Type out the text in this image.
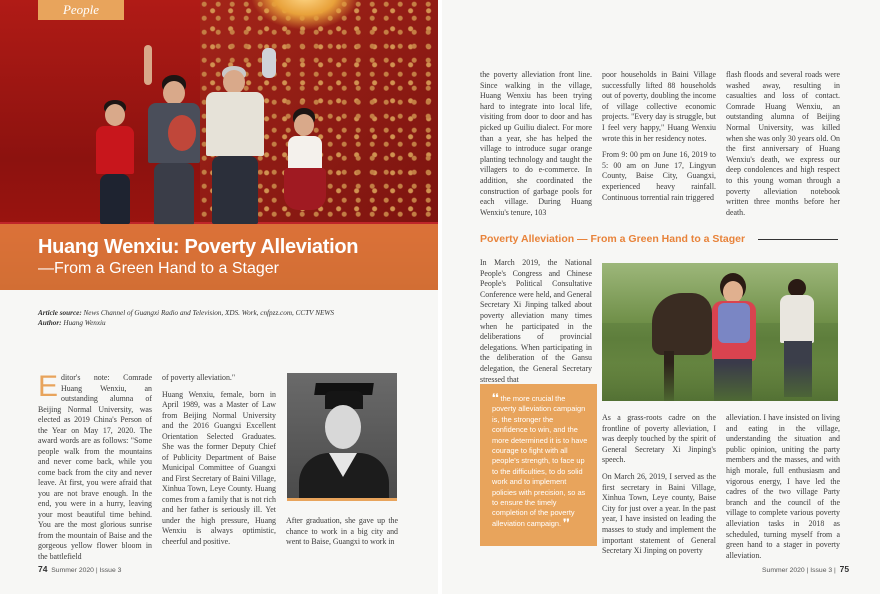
People
Huang Wenxiu: Poverty Alleviation
—From a Green Hand to a Stager
Article source: News Channel of Guangxi Radio and Television, XDS. Work, cnfpzz.com, CCTV NEWS
Author: Huang Wenxiu
Editor's note: Comrade Huang Wenxiu, an outstanding alumna of Beijing Normal University, was elected as 2019 China's Person of the Year on May 17, 2020. The award words are as follows: "Some people walk from the mountains and never come back, while you come back from the city and never leave. At first, you were afraid that you are not brave enough. In the end, you were in a hurry, leaving your most beautiful time behind. You are the most glorious sunrise from the mountain of Baise and the gorgeous yellow flower bloom in the battlefield

of poverty alleviation."

Huang Wenxiu, female, born in April 1989, was a Master of Law from Beijing Normal University and the 2016 Guangxi Excellent Orientation Selected Graduates. She was the former Deputy Chief of Publicity Department of Baise Municipal Committee of Guangxi and First Secretary of Baini Village, Xinhua Town, Leye County. Huang comes from a family that is not rich and her father is seriously ill. Yet under the high pressure, Huang Wenxiu is always optimistic, cheerful and positive.

After graduation, she gave up the chance to work in a big city and went to Baise, Guangxi to work in
74 Summer 2020 | Issue 3
the poverty alleviation front line. Since walking in the village, Huang Wenxiu has been trying hard to integrate into local life, visiting from door to door and has picked up Guiliu dialect. For more than a year, she has helped the village to introduce sugar orange planting technology and taught the villagers to do e-commerce. In addition, she coordinated the construction of garbage pools for each village. During Huang Wenxiu's tenure, 103

poor households in Baini Village successfully lifted 88 households out of poverty, doubling the income of village collective economic projects. "Every day is struggle, but I feel very happy," Huang Wenxiu wrote this in her residency notes.

From 9: 00 pm on June 16, 2019 to 5: 00 am on June 17, Lingyun County, Baise City, Guangxi, experienced heavy rainfall. Continuous torrential rain triggered

flash floods and several roads were washed away, resulting in casualties and loss of contact. Comrade Huang Wenxiu, an outstanding alumna of Beijing Normal University, was killed when she was only 30 years old. On the first anniversary of Huang Wenxiu's death, we express our deep condolences and high respect to this young woman through a poverty alleviation notebook written three months before her death.
Poverty Alleviation — From a Green Hand to a Stager
In March 2019, the National People's Congress and Chinese People's Political Consultative Conference were held, and General Secretary Xi Jinping talked about poverty alleviation many times when he participated in the deliberations of provincial delegations. When participating in the deliberation of the Gansu delegation, the General Secretary stressed that
❛❛ the more crucial the poverty alleviation campaign is, the stronger the confidence to win, and the more determined it is to have courage to fight with all people's strength, to face up to the difficulties, to do solid work and to implement policies with precision, so as to ensure the timely completion of the poverty alleviation campaign. ❜❜

As a grass-roots cadre on the frontline of poverty alleviation, I was deeply touched by the spirit of General Secretary Xi Jinping's speech.

On March 26, 2019, I served as the first secretary in Baini Village, Xinhua Town, Leye county, Baise City for just over a year. In the past year, I have insisted on leading the masses to study and implement the important statement of General Secretary Xi Jinping on poverty

alleviation. I have insisted on living and eating in the village, understanding the situation and public opinion, uniting the party members and the masses, and with high morale, full enthusiasm and vigorous energy, I have led the cadres of the two village Party branch and the council of the village to complete various poverty alleviation tasks in 2018 as scheduled, turning myself from a green hand to a stager in poverty alleviation.
Summer 2020 | Issue 3 | 75
